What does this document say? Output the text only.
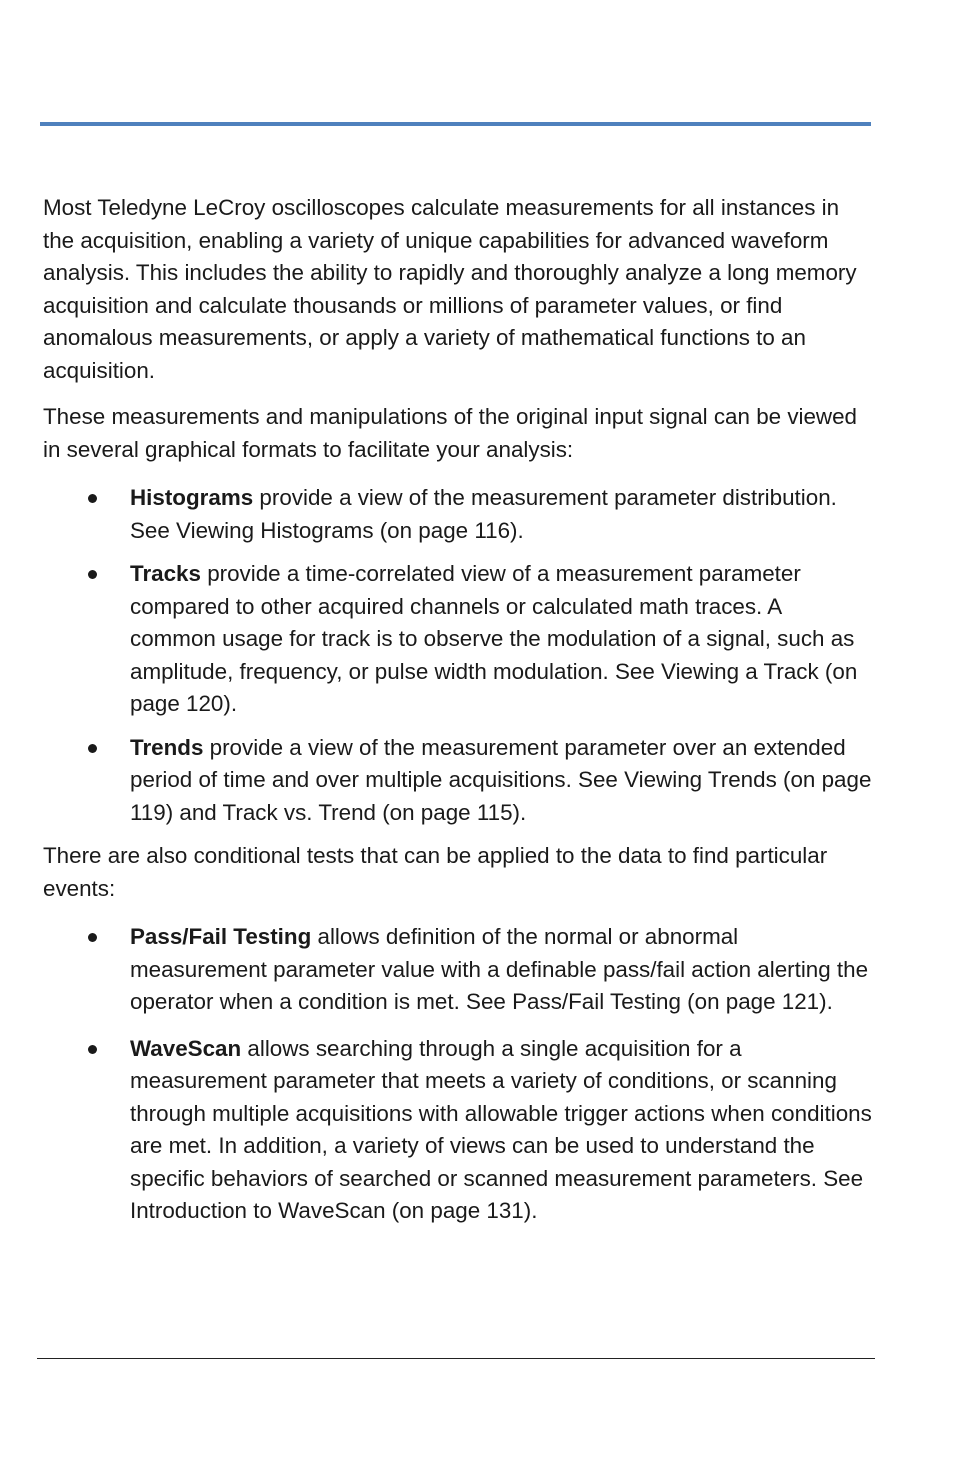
Most Teledyne LeCroy oscilloscopes calculate measurements for all instances in the acquisition, enabling a variety of unique capabilities for advanced waveform analysis. This includes the ability to rapidly and thoroughly analyze a long memory acquisition and calculate thousands or millions of parameter values, or find anomalous measurements, or apply a variety of mathematical functions to an acquisition.

These measurements and manipulations of the original input signal can be viewed in several graphical formats to facilitate your analysis:

Histograms provide a view of the measurement parameter distribution. See Viewing Histograms (on page 116).
Tracks provide a time-correlated view of a measurement parameter compared to other acquired channels or calculated math traces. A common usage for track is to observe the modulation of a signal, such as amplitude, frequency, or pulse width modulation. See Viewing a Track (on page 120).
Trends provide a view of the measurement parameter over an extended period of time and over multiple acquisitions. See Viewing Trends (on page 119) and Track vs. Trend (on page 115).

There are also conditional tests that can be applied to the data to find particular events:

Pass/Fail Testing allows definition of the normal or abnormal measurement parameter value with a definable pass/fail action alerting the operator when a condition is met. See Pass/Fail Testing (on page 121).
WaveScan allows searching through a single acquisition for a measurement parameter that meets a variety of conditions, or scanning through multiple acquisitions with allowable trigger actions when conditions are met. In addition, a variety of views can be used to understand the specific behaviors of searched or scanned measurement parameters. See Introduction to WaveScan (on page 131).
